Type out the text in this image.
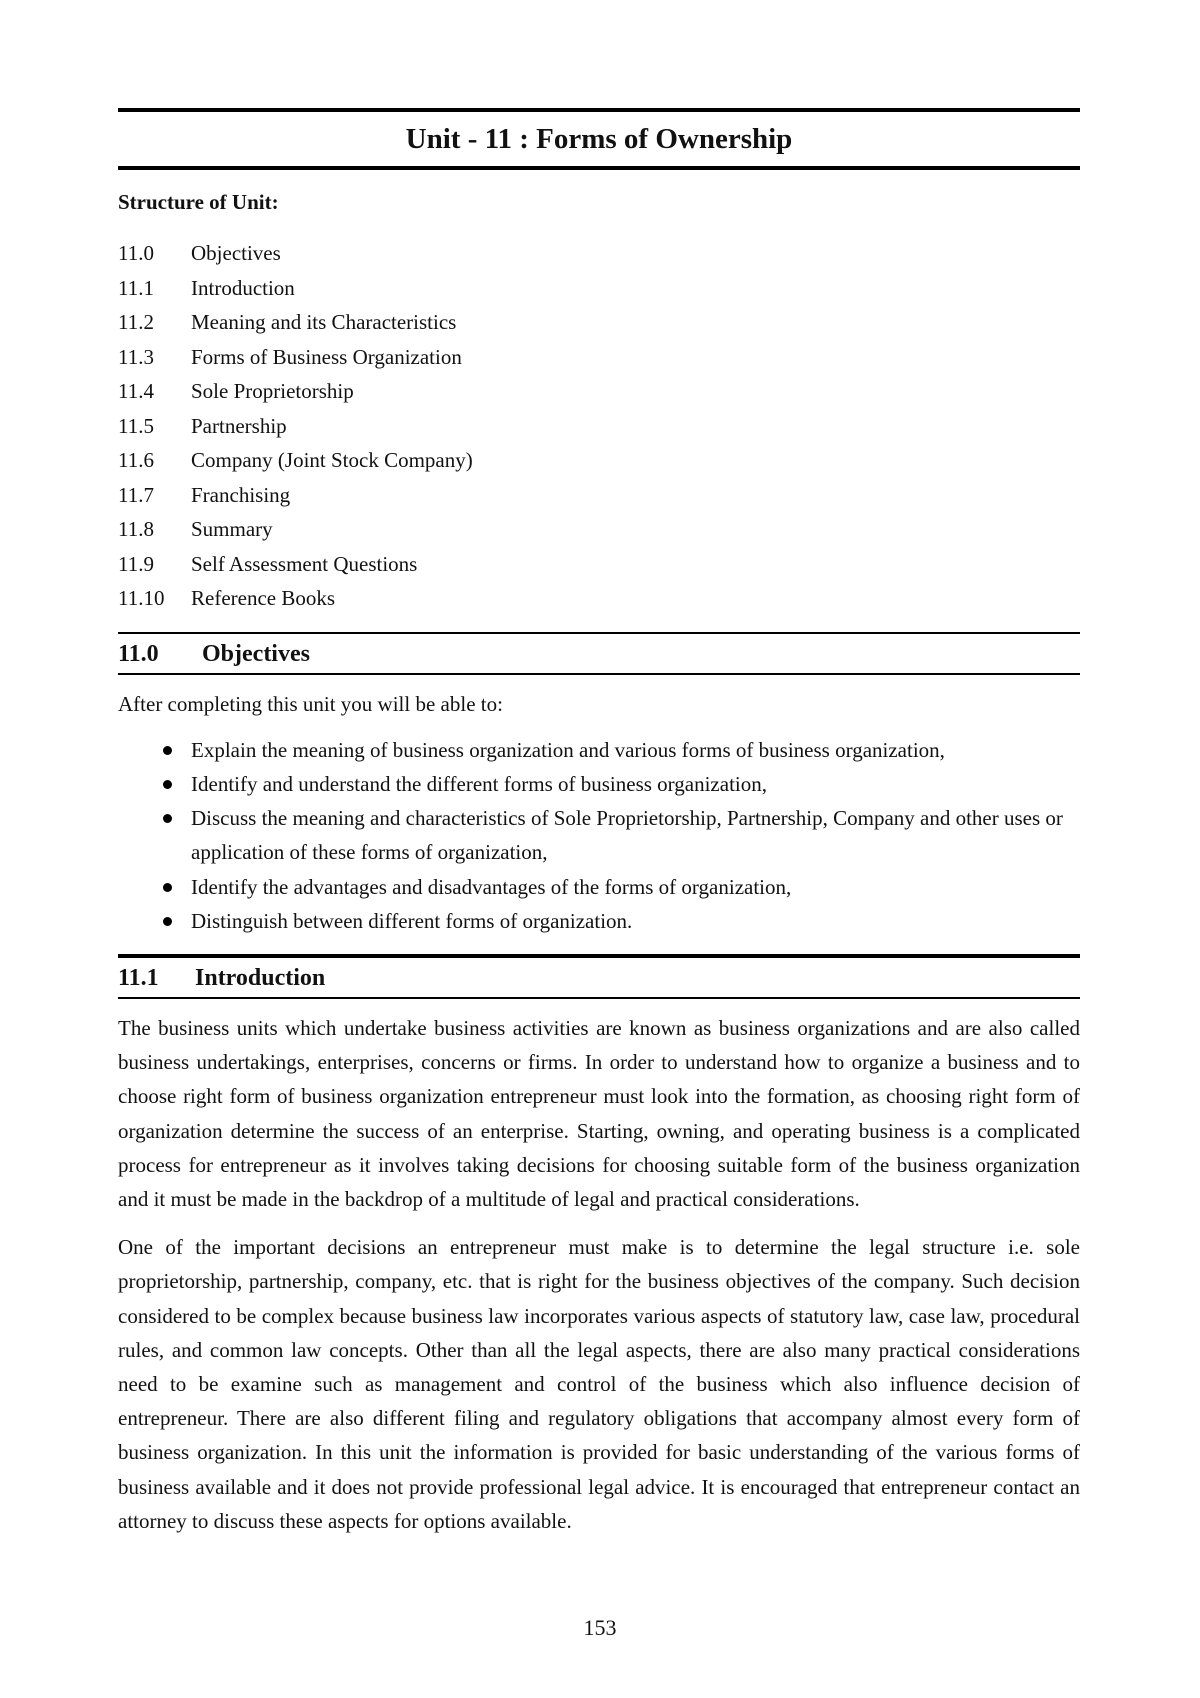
Unit - 11 : Forms of Ownership
Structure of Unit:
11.0	Objectives
11.1	Introduction
11.2	Meaning and its Characteristics
11.3	Forms of Business Organization
11.4	Sole Proprietorship
11.5	Partnership
11.6	Company (Joint Stock Company)
11.7	Franchising
11.8	Summary
11.9	Self Assessment Questions
11.10	Reference Books
11.0	Objectives

After completing this unit you will be able to:

Explain the meaning of business organization and various forms of business organization,
Identify and understand the different forms of business organization,
Discuss the meaning and characteristics of Sole Proprietorship, Partnership, Company and other uses or application of these forms of organization,
Identify the advantages and disadvantages of the forms of organization,
Distinguish between different forms of organization.
11.1	Introduction

The business units which undertake business activities are known as business organizations and are also called business undertakings, enterprises, concerns or firms. In order to understand how to organize a business and to choose right form of business organization entrepreneur must look into the formation, as choosing right form of organization determine the success of an enterprise. Starting, owning, and operating business is a complicated process for entrepreneur as it involves taking decisions for choosing suitable form of the business organization and it must be made in the backdrop of a multitude of legal and practical considerations.

One of the important decisions an entrepreneur must make is to determine the legal structure i.e. sole proprietorship, partnership, company, etc. that is right for the business objectives of the company. Such decision considered to be complex because business law incorporates various aspects of statutory law, case law, procedural rules, and common law concepts. Other than all the legal aspects, there are also many practical considerations need to be examine such as management and control of the business which also influence decision of entrepreneur. There are also different filing and regulatory obligations that accompany almost every form of business organization. In this unit the information is provided for basic understanding of the various forms of business available and it does not provide professional legal advice. It is encouraged that entrepreneur contact an attorney to discuss these aspects for options available.

153
